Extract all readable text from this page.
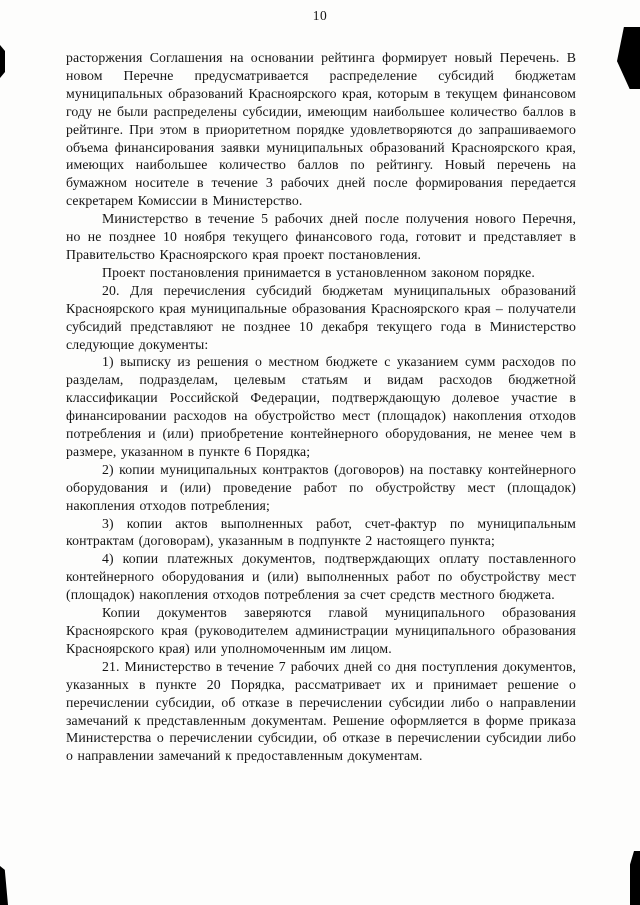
10

расторжения Соглашения на основании рейтинга формирует новый Перечень. В новом Перечне предусматривается распределение субсидий бюджетам муниципальных образований Красноярского края, которым в текущем финансовом году не были распределены субсидии, имеющим наибольшее количество баллов в рейтинге. При этом в приоритетном порядке удовлетворяются до запрашиваемого объема финансирования заявки муниципальных образований Красноярского края, имеющих наибольшее количество баллов по рейтингу. Новый перечень на бумажном носителе в течение 3 рабочих дней после формирования передается секретарем Комиссии в Министерство.

Министерство в течение 5 рабочих дней после получения нового Перечня, но не позднее 10 ноября текущего финансового года, готовит и представляет в Правительство Красноярского края проект постановления.

Проект постановления принимается в установленном законом порядке.

20. Для перечисления субсидий бюджетам муниципальных образований Красноярского края муниципальные образования Красноярского края – получатели субсидий представляют не позднее 10 декабря текущего года в Министерство следующие документы:

1) выписку из решения о местном бюджете с указанием сумм расходов по разделам, подразделам, целевым статьям и видам расходов бюджетной классификации Российской Федерации, подтверждающую долевое участие в финансировании расходов на обустройство мест (площадок) накопления отходов потребления и (или) приобретение контейнерного оборудования, не менее чем в размере, указанном в пункте 6 Порядка;

2) копии муниципальных контрактов (договоров) на поставку контейнерного оборудования и (или) проведение работ по обустройству мест (площадок) накопления отходов потребления;

3) копии актов выполненных работ, счет-фактур по муниципальным контрактам (договорам), указанным в подпункте 2 настоящего пункта;

4) копии платежных документов, подтверждающих оплату поставленного контейнерного оборудования и (или) выполненных работ по обустройству мест (площадок) накопления отходов потребления за счет средств местного бюджета.

Копии документов заверяются главой муниципального образования Красноярского края (руководителем администрации муниципального образования Красноярского края) или уполномоченным им лицом.

21. Министерство в течение 7 рабочих дней со дня поступления документов, указанных в пункте 20 Порядка, рассматривает их и принимает решение о перечислении субсидии, об отказе в перечислении субсидии либо о направлении замечаний к представленным документам. Решение оформляется в форме приказа Министерства о перечислении субсидии, об отказе в перечислении субсидии либо о направлении замечаний к предоставленным документам.
